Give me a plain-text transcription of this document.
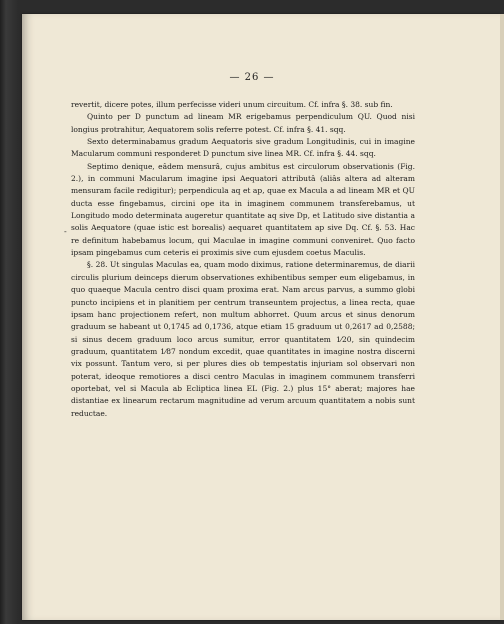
— 26 —
-

revertit, dicere potes, illum perfecisse videri unum circuitum. Cf. infra §. 38. sub fin.

Quinto per D punctum ad lineam MR erigebamus perpendiculum QU. Quod nisi longius protrahitur, Aequatorem solis referre potest. Cf. infra §. 41. sqq.

Sexto determinabamus gradum Aequatoris sive gradum Longitudinis, cui in imagine Macularum communi responderet D punctum sive linea MR. Cf. infra §. 44. sqq.

Septimo denique, eâdem mensurâ, cujus ambitus est circulorum observationis (Fig. 2.), in communi Macularum imagine ipsi Aequatori attributâ (aliâs altera ad alteram mensuram facile redigitur); perpendicula aq et ap, quae ex Macula a ad lineam MR et QU ducta esse fingebamus, circini ope ita in imaginem communem transferebamus, ut Longitudo modo determinata augeretur quantitate aq sive Dp, et Latitudo sive distantia a solis Aequatore (quae istic est borealis) aequaret quantitatem ap sive Dq. Cf. §. 53. Hac re definitum habebamus locum, qui Maculae in imagine communi conveniret. Quo facto ipsam pingebamus cum ceteris ei proximis sive cum ejusdem coetus Maculis.

§. 28. Ut singulas Maculas ea, quam modo diximus, ratione determinaremus, de diarii circulis plurium deinceps dierum observationes exhibentibus semper eum eligebamus, in quo quaeque Macula centro disci quam proxima erat. Nam arcus parvus, a summo globi puncto incipiens et in planitiem per centrum transeuntem projectus, a linea recta, quae ipsam hanc projectionem refert, non multum abhorret. Quum arcus et sinus denorum graduum se habeant ut 0,1745 ad 0,1736, atque etiam 15 graduum ut 0,2617 ad 0,2588; si sinus decem graduum loco arcus sumitur, error quantitatem 1⁄20, sin quindecim graduum, quantitatem 1⁄87 nondum excedit, quae quantitates in imagine nostra discerni vix possunt. Tantum vero, si per plures dies ob tempestatis injuriam sol observari non poterat, ideoque remotiores a disci centro Maculas in imaginem communem transferri oportebat, vel si Macula ab Ecliptica linea EL (Fig. 2.) plus 15° aberat; majores hae distantiae ex linearum rectarum magnitudine ad verum arcuum quantitatem a nobis sunt reductae.
